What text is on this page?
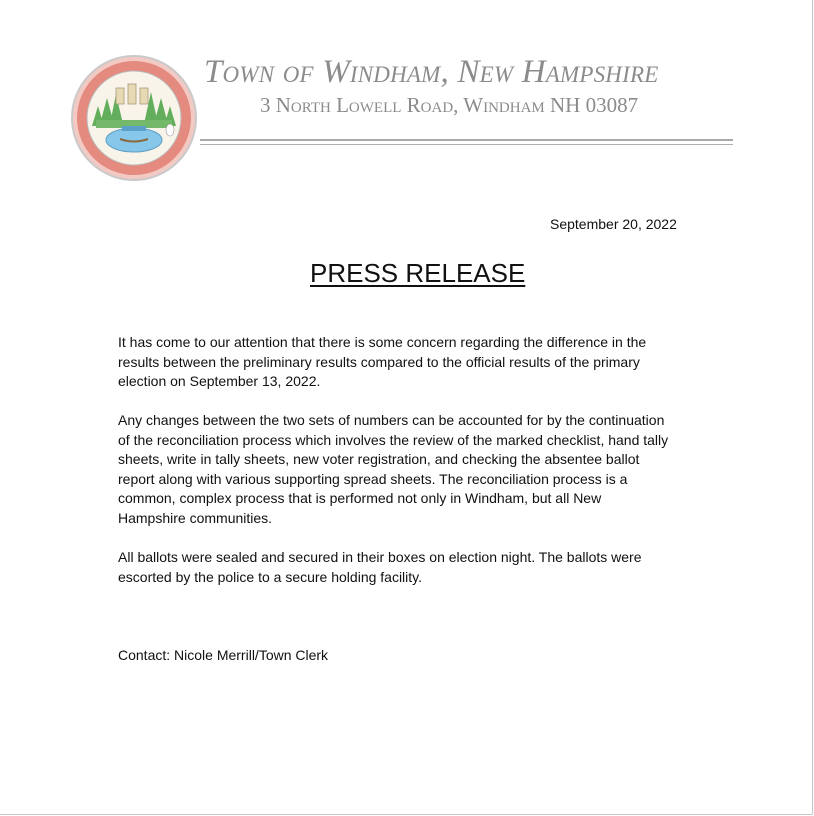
Town of Windham, New Hampshire
3 North Lowell Road, Windham NH 03087
September 20, 2022
PRESS RELEASE
It has come to our attention that there is some concern regarding the difference in the
results between the preliminary results compared to the official results of the primary
election on September 13, 2022.
Any changes between the two sets of numbers can be accounted for by the continuation
of the reconciliation process which involves the review of the marked checklist, hand tally
sheets, write in tally sheets, new voter registration, and checking the absentee ballot
report along with various supporting spread sheets. The reconciliation process is a
common, complex process that is performed not only in Windham, but all New
Hampshire communities.
All ballots were sealed and secured in their boxes on election night. The ballots were
escorted by the police to a secure holding facility.
Contact: Nicole Merrill/Town Clerk
